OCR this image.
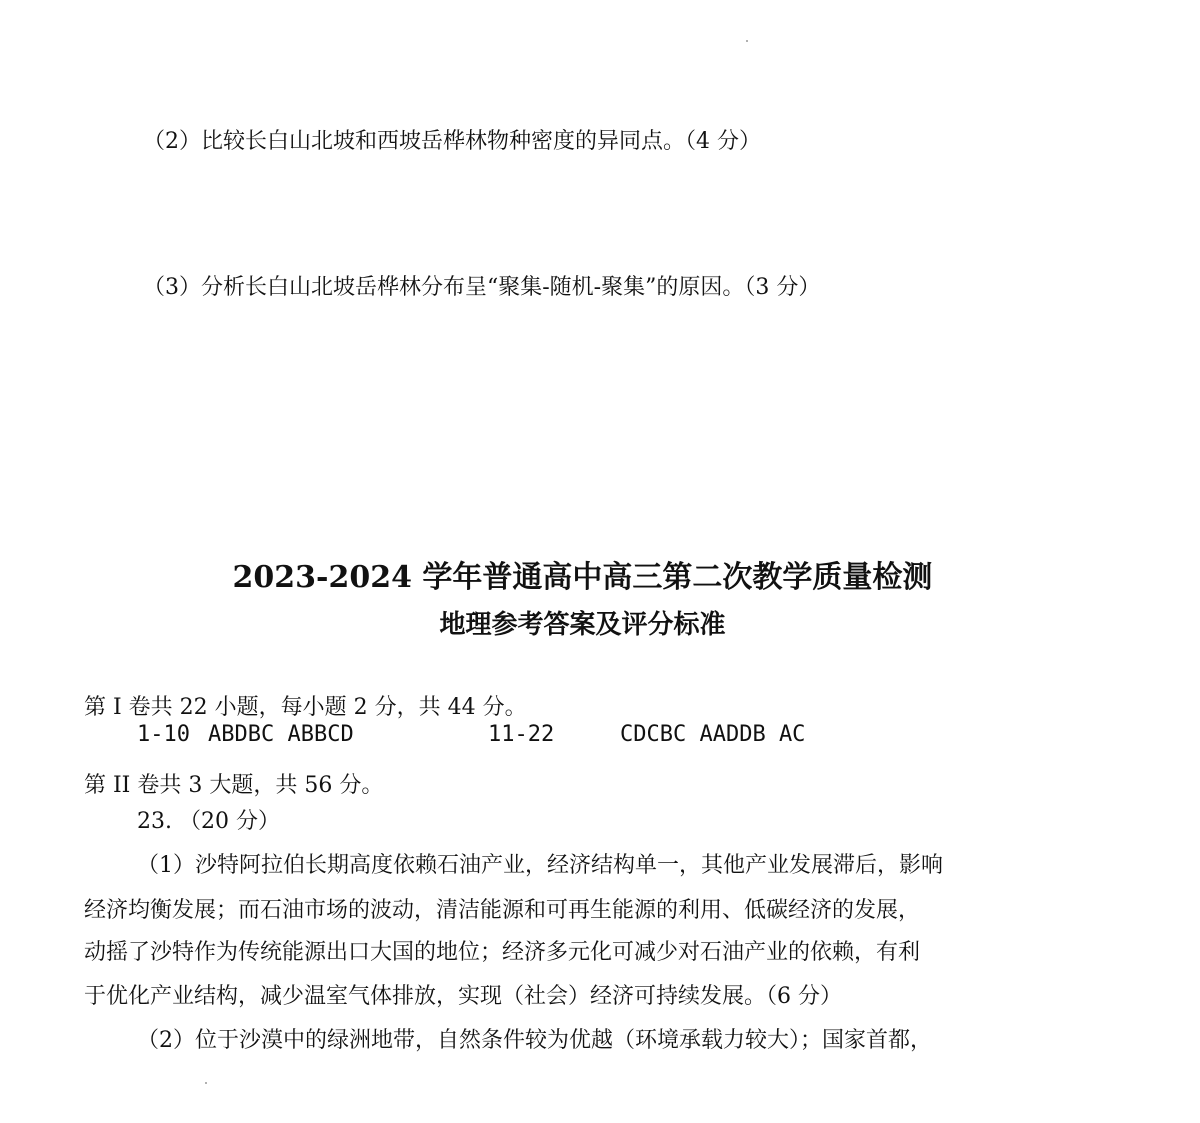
（2）比较长白山北坡和西坡岳桦林物种密度的异同点。（4 分）
（3）分析长白山北坡岳桦林分布呈“聚集-随机-聚集”的原因。（3 分）
2023-2024 学年普通高中高三第二次教学质量检测
地理参考答案及评分标准
第 I 卷共 22 小题，每小题 2 分，共 44 分。
1-10 ABDBC ABBCD	11-22	CDCBC AADDB AC
第 II 卷共 3 大题，共 56 分。
23. （20 分）
（1）沙特阿拉伯长期高度依赖石油产业，经济结构单一，其他产业发展滞后，影响
经济均衡发展；而石油市场的波动，清洁能源和可再生能源的利用、低碳经济的发展，
动摇了沙特作为传统能源出口大国的地位；经济多元化可减少对石油产业的依赖，有利
于优化产业结构，减少温室气体排放，实现（社会）经济可持续发展。（6 分）
（2）位于沙漠中的绿洲地带，自然条件较为优越（环境承载力较大）；国家首都，
